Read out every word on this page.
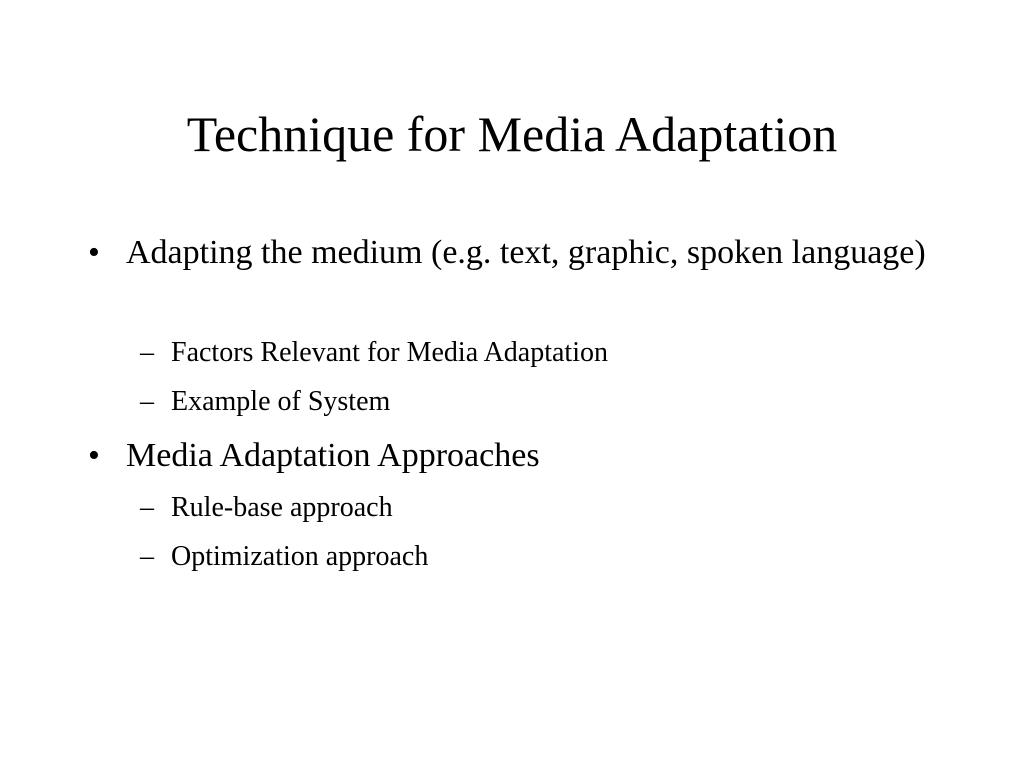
Technique for Media Adaptation
• Adapting the medium (e.g. text, graphic, spoken language)
– Factors Relevant for Media Adaptation
– Example of System
• Media Adaptation Approaches
– Rule-base approach
– Optimization approach
